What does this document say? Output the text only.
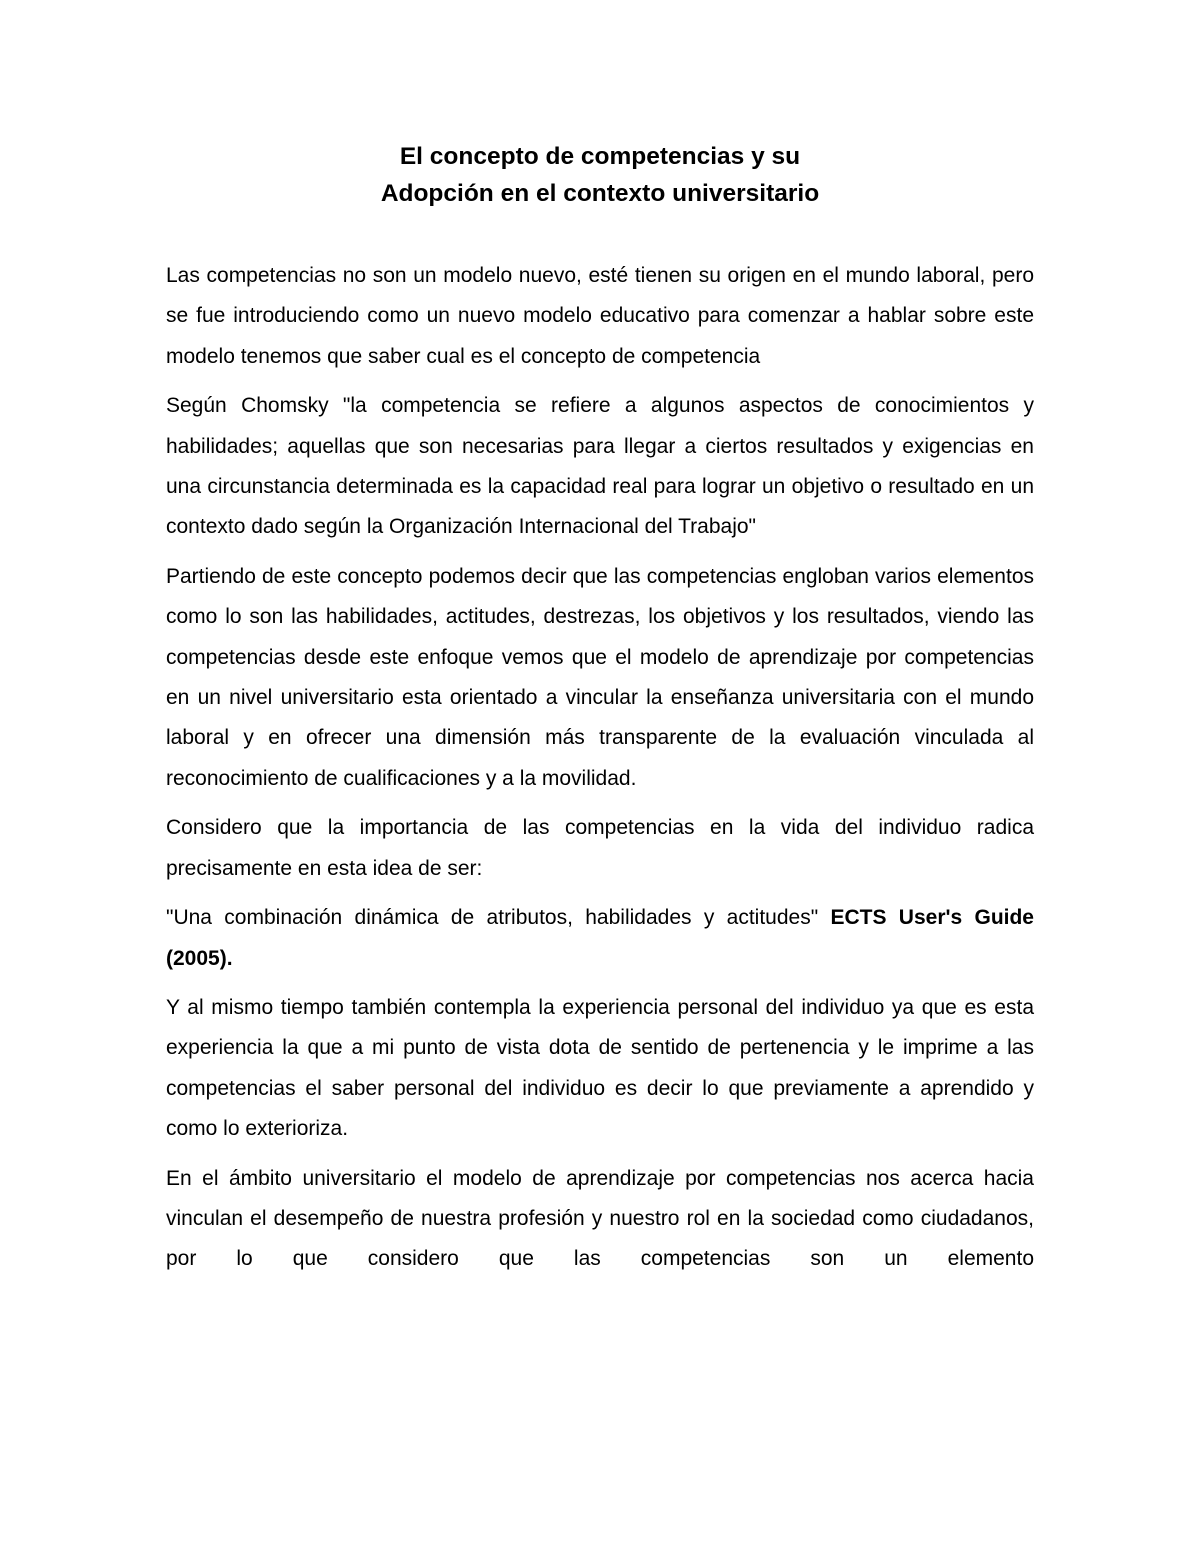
El concepto de competencias y su
Adopción en el contexto universitario

Las competencias no son un modelo nuevo, esté tienen su origen en el mundo laboral, pero se fue introduciendo como un nuevo modelo educativo para comenzar a hablar sobre este modelo tenemos que saber cual es el concepto de competencia

Según Chomsky "la competencia se refiere a algunos aspectos de conocimientos y habilidades; aquellas que son necesarias para llegar a ciertos resultados y exigencias en una circunstancia determinada es la capacidad real para lograr un objetivo o resultado en un contexto dado según la Organización Internacional del Trabajo"

Partiendo de este concepto podemos decir que las competencias engloban varios elementos como lo son las habilidades, actitudes, destrezas, los objetivos y los resultados, viendo las competencias desde este enfoque vemos que el modelo de aprendizaje por competencias en un nivel universitario esta orientado a vincular la enseñanza universitaria con el mundo laboral y en ofrecer una dimensión más transparente de la evaluación vinculada al reconocimiento de cualificaciones y a la movilidad.

Considero que la importancia de las competencias en la vida del individuo radica precisamente en esta idea de ser:

"Una combinación dinámica de atributos, habilidades y actitudes" ECTS User's Guide (2005).

Y al mismo tiempo también contempla la experiencia personal del individuo ya que es esta experiencia la que a mi punto de vista dota de sentido de pertenencia y le imprime a las competencias el saber personal del individuo es decir lo que previamente a aprendido y como lo exterioriza.

En el ámbito universitario el modelo de aprendizaje por competencias nos acerca hacia vinculan el desempeño de nuestra profesión y nuestro rol en la sociedad como ciudadanos, por lo que considero que las competencias son un elemento
